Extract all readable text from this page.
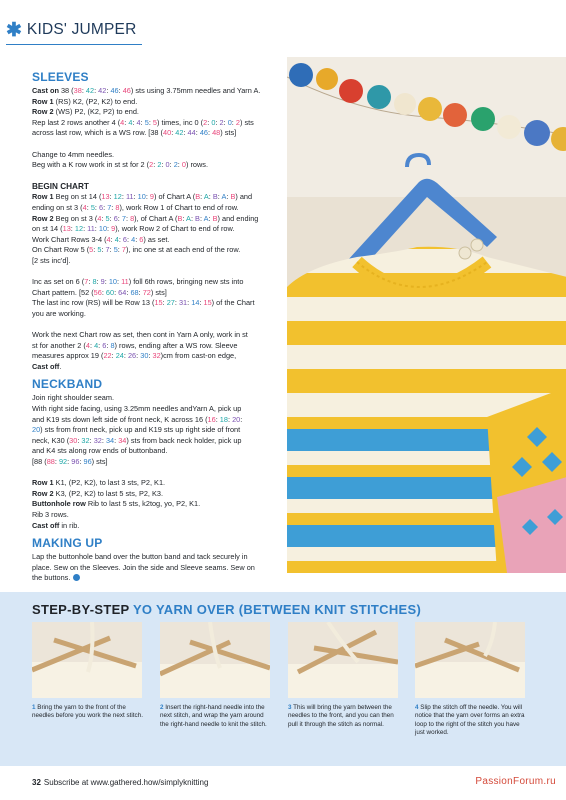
✱ KIDS' JUMPER
SLEEVES

Cast on 38 (38: 42: 42: 46: 46) sts using 3.75mm needles and Yarn A.

Row 1 (RS) K2, (P2, K2) to end.

Row 2 (WS) P2, (K2, P2) to end.

Rep last 2 rows another 4 (4: 4: 4: 5: 5) times, inc 0 (2: 0: 2: 0: 2) sts

across last row, which is a WS row. [38 (40: 42: 44: 46: 48) sts]

Change to 4mm needles.

Beg with a K row work in st st for 2 (2: 2: 0: 2: 0) rows.

BEGIN CHART

Row 1 Beg on st 14 (13: 12: 11: 10: 9) of Chart A (B: A: B: A: B) and

ending on st 3 (4: 5: 6: 7: 8), work Row 1 of Chart to end of row.

Row 2 Beg on st 3 (4: 5: 6: 7: 8), of Chart A (B: A: B: A: B) and ending

on st 14 (13: 12: 11: 10: 9), work Row 2 of Chart to end of row.

Work Chart Rows 3-4 (4: 4: 6: 4: 6) as set.

On Chart Row 5 (5: 5: 7: 5: 7), inc one st at each end of the row.

[2 sts inc'd].

Inc as set on 6 (7: 8: 9: 10: 11) foll 6th rows, bringing new sts into

Chart pattern. [52 (56: 60: 64: 68: 72) sts]

The last inc row (RS) will be Row 13 (15: 27: 31: 14: 15) of the Chart

you are working.

Work the next Chart row as set, then cont in Yarn A only, work in st

st for another 2 (4: 4: 6: 8) rows, ending after a WS row. Sleeve

measures approx 19 (22: 24: 26: 30: 32)cm from cast-on edge,

Cast off.

NECKBAND

Join right shoulder seam.

With right side facing, using 3.25mm needles andYarn A, pick up

and K19 sts down left side of front neck, K across 16 (16: 18: 20:

20) sts from front neck, pick up and K19 sts up right side of front

neck, K30 (30: 32: 32: 34: 34) sts from back neck holder, pick up

and K4 sts along row ends of buttonband.

[88 (88: 92: 96: 96) sts]

Row 1 K1, (P2, K2), to last 3 sts, P2, K1.

Row 2 K3, (P2, K2) to last 5 sts, P2, K3.

Buttonhole row Rib to last 5 sts, k2tog, yo, P2, K1.

Rib 3 rows.

Cast off in rib.

MAKING UP

Lap the buttonhole band over the button band and tack securely in

place. Sew on the Sleeves. Join the side and Sleeve seams. Sew on

the buttons.

STEP-BY-STEP YO YARN OVER (BETWEEN KNIT STITCHES)
1 Bring the yarn to the front of the needles before you work the next stitch.
2 Insert the right-hand needle into the next stitch, and wrap the yarn around the right-hand needle to knit the stitch.
3 This will bring the yarn between the needles to the front, and you can then pull it through the stitch as normal.
4 Slip the stitch off the needle. You will notice that the yarn over forms an extra loop to the right of the stitch you have just worked.
32 Subscribe at www.gathered.how/simplyknitting	PassionForum.ru
